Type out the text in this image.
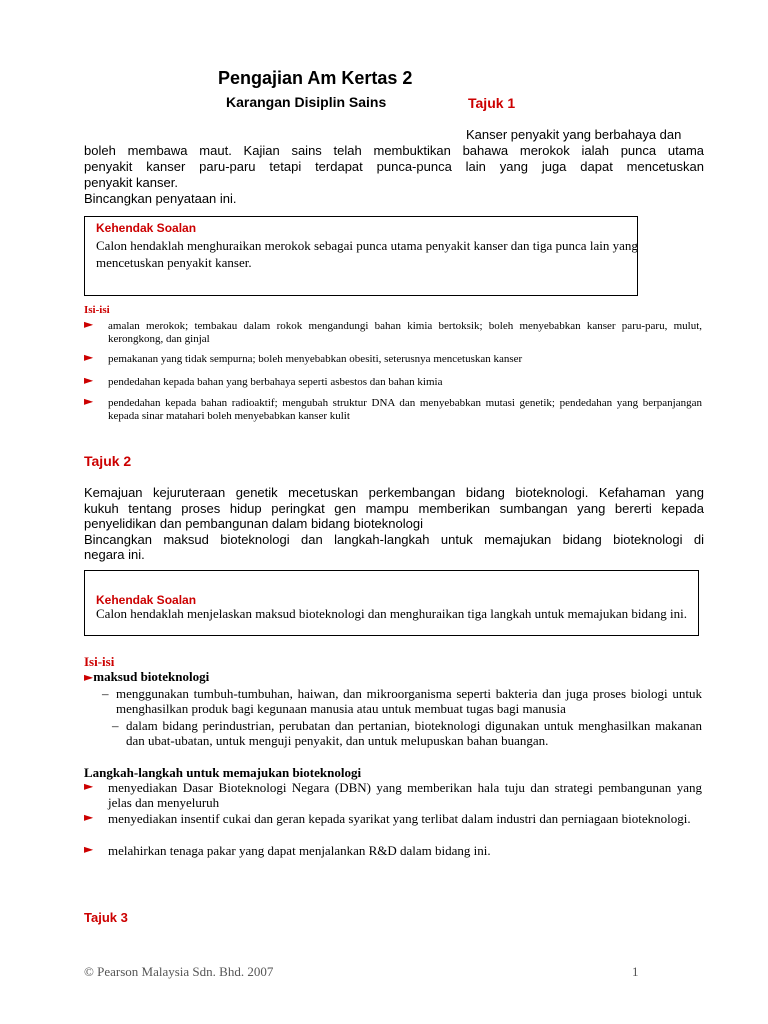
Pengajian Am Kertas 2
Karangan Disiplin Sains	Tajuk 1
Kanser penyakit yang berbahaya dan
boleh membawa maut. Kajian sains telah membuktikan bahawa merokok ialah punca utama
penyakit kanser paru-paru tetapi terdapat punca-punca lain yang juga dapat mencetuskan
penyakit kanser.
Bincangkan penyataan ini.
Kehendak Soalan
Calon hendaklah menghuraikan merokok sebagai punca utama penyakit kanser dan tiga punca lain yang mencetuskan penyakit kanser.
Isi-isi
► amalan merokok; tembakau dalam rokok mengandungi bahan kimia bertoksik; boleh menyebabkan kanser paru-paru, mulut, kerongkong, dan ginjal
► pemakanan yang tidak sempurna; boleh menyebabkan obesiti, seterusnya mencetuskan kanser
► pendedahan kepada bahan yang berbahaya seperti asbestos dan bahan kimia
► pendedahan kepada bahan radioaktif; mengubah struktur DNA dan menyebabkan mutasi genetik; pendedahan yang berpanjangan kepada sinar matahari boleh menyebabkan kanser kulit
Tajuk 2
Kemajuan kejuruteraan genetik mecetuskan perkembangan bidang bioteknologi. Kefahaman yang
kukuh tentang proses hidup peringkat gen mampu memberikan sumbangan yang bererti kepada
penyelidikan dan pembangunan dalam bidang bioteknologi
Bincangkan maksud bioteknologi dan langkah-langkah untuk memajukan bidang bioteknologi di
negara ini.
Kehendak Soalan
Calon hendaklah menjelaskan maksud bioteknologi dan menghuraikan tiga langkah untuk memajukan bidang ini.
Isi-isi
►maksud bioteknologi
– menggunakan tumbuh-tumbuhan, haiwan, dan mikroorganisma seperti bakteria dan juga proses biologi untuk menghasilkan produk bagi kegunaan manusia atau untuk membuat tugas bagi manusia
– dalam bidang perindustrian, perubatan dan pertanian, bioteknologi digunakan untuk menghasilkan makanan dan ubat-ubatan, untuk menguji penyakit, dan untuk melupuskan bahan buangan.
Langkah-langkah untuk memajukan bioteknologi
► menyediakan Dasar Bioteknologi Negara (DBN) yang memberikan hala tuju dan strategi pembangunan yang jelas dan menyeluruh
► menyediakan insentif cukai dan geran kepada syarikat yang terlibat dalam industri dan perniagaan bioteknologi.
► melahirkan tenaga pakar yang dapat menjalankan R&D dalam bidang ini.
Tajuk 3
© Pearson Malaysia Sdn. Bhd. 2007	1
